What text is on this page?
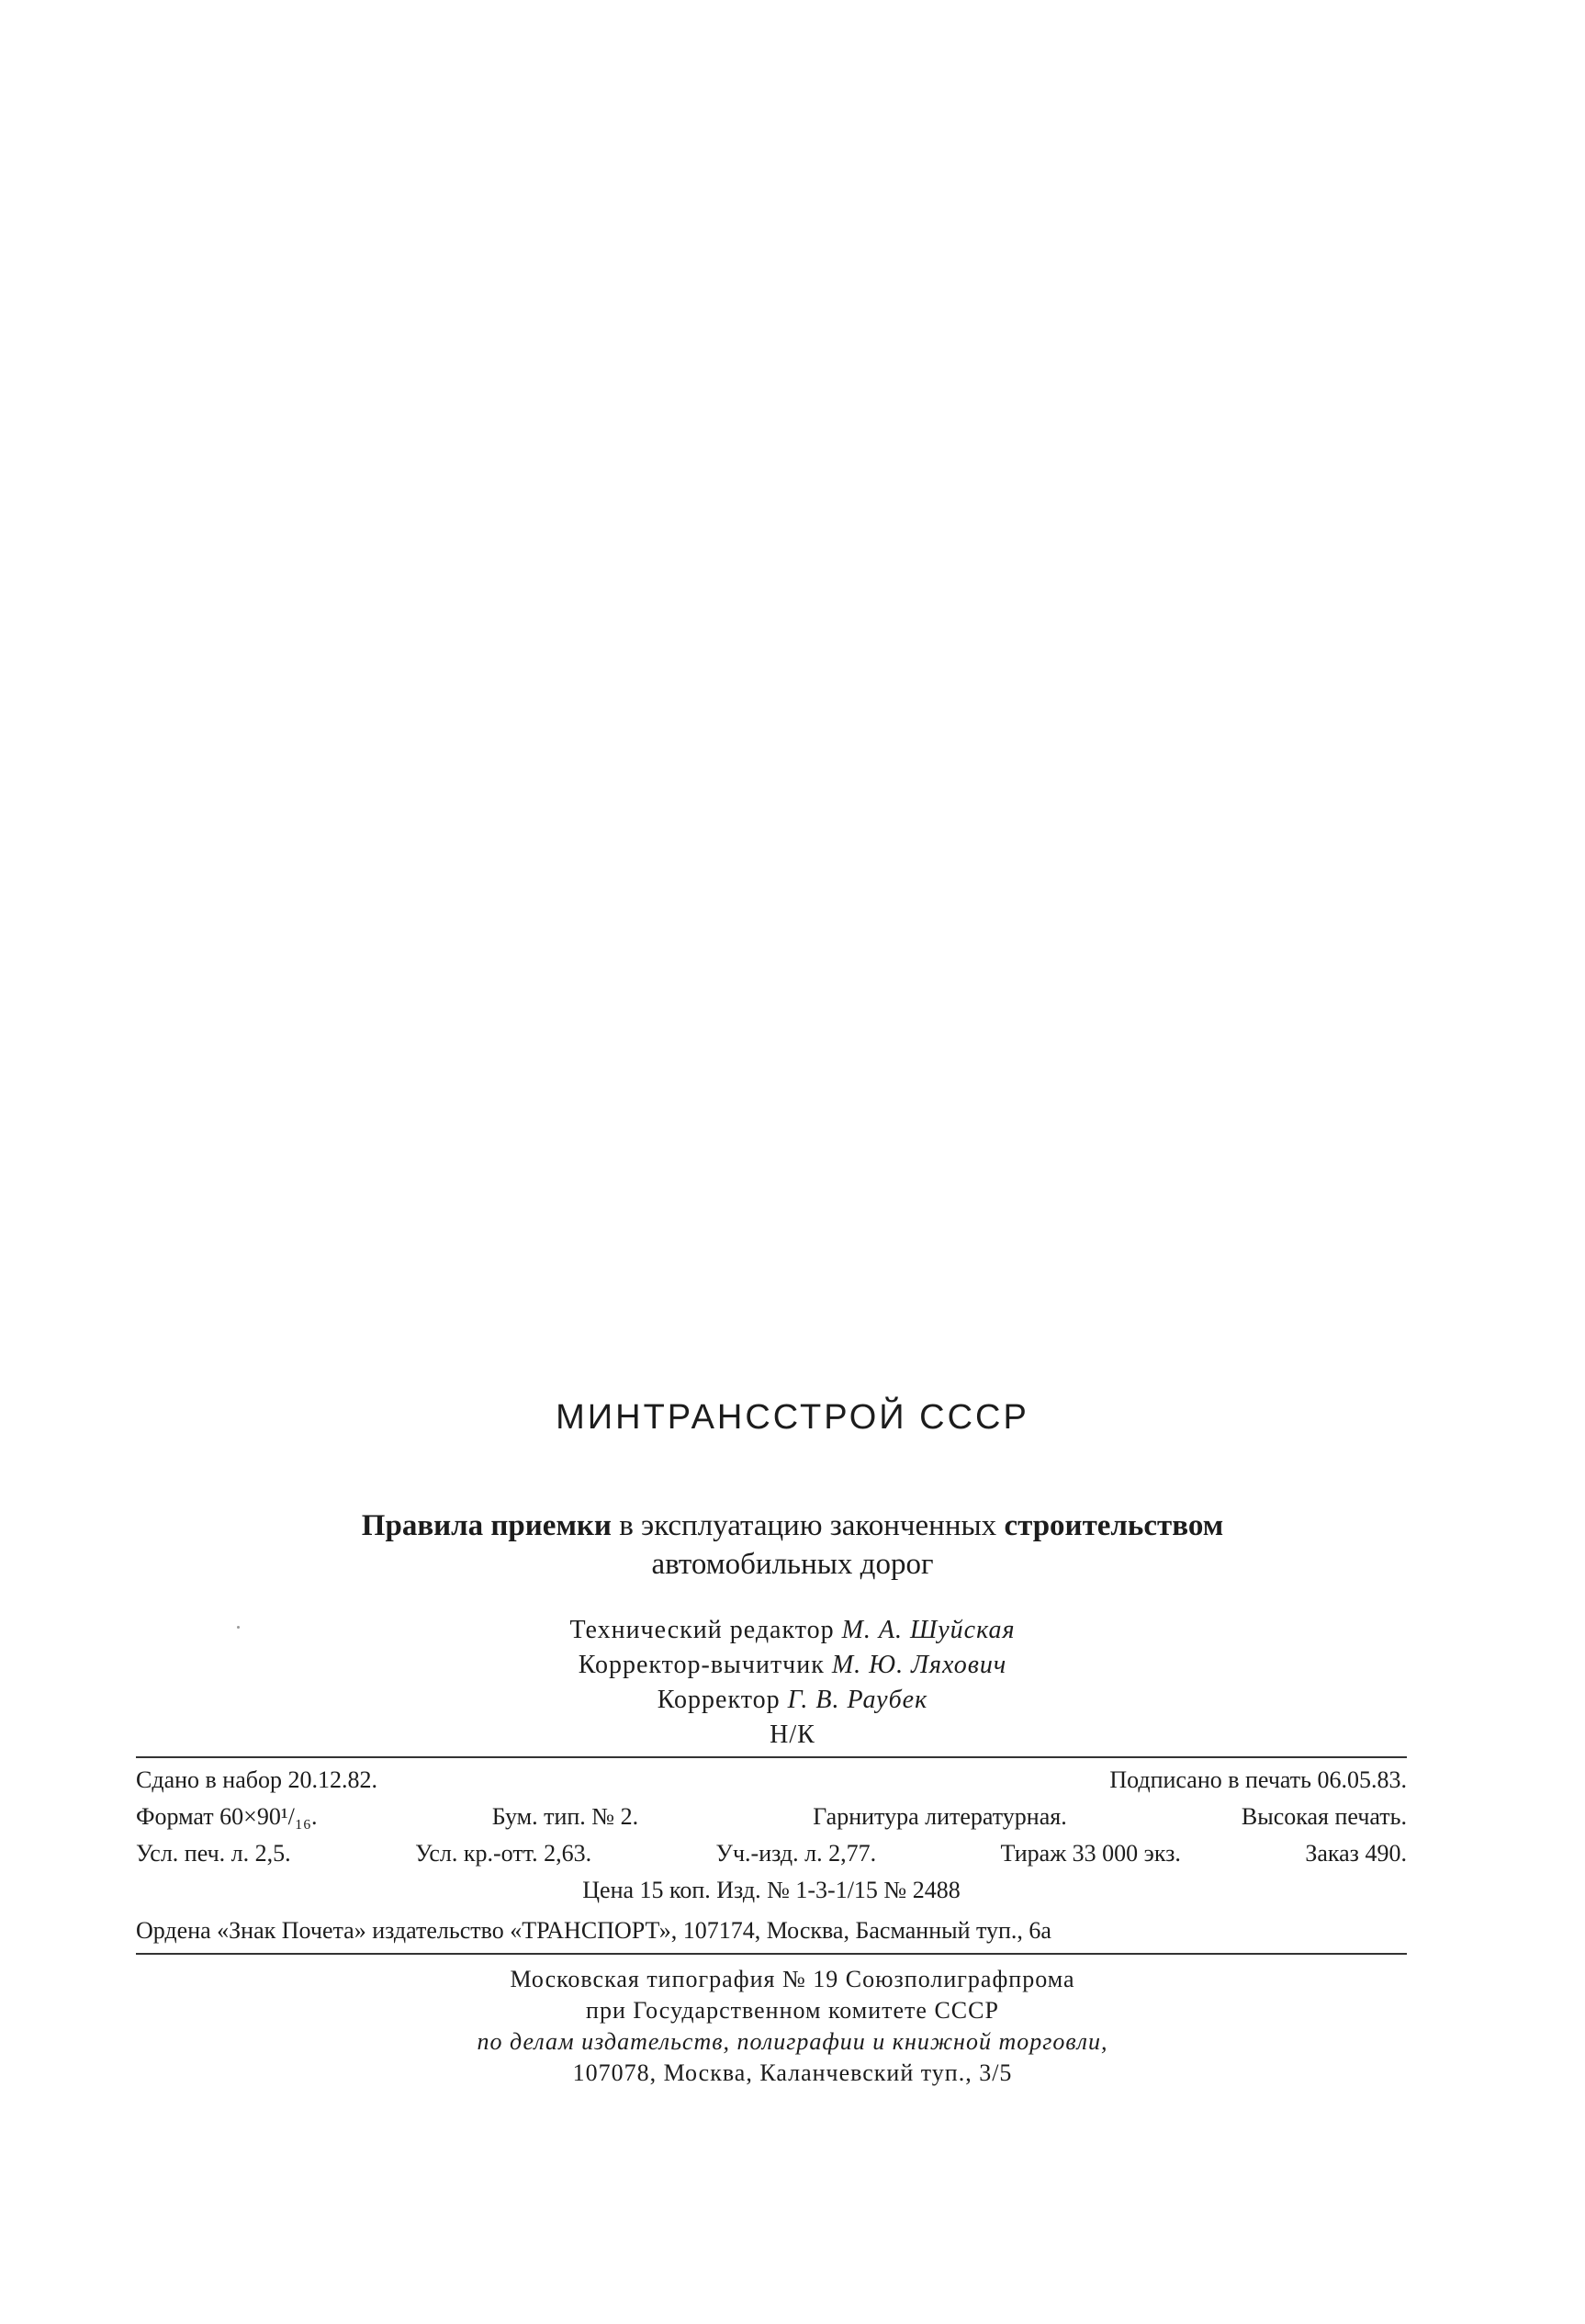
МИНТРАНССТРОЙ СССР
Правила приемки в эксплуатацию законченных строительством
автомобильных дорог
Технический редактор М. А. Шуйская
Корректор-вычитчик М. Ю. Ляхович
Корректор Г. В. Раубек
Н/К
Сдано в набор 20.12.82.	Подписано в печать 06.05.83.
Формат 60×90¹/₁₆.	Бум. тип. № 2.	Гарнитура литературная.	Высокая печать.
Усл. печ. л. 2,5.	Усл. кр.-отт. 2,63.	Уч.-изд. л. 2,77.	Тираж 33 000 экз.	Заказ 490.
Цена 15 коп. Изд. № 1-3-1/15 № 2488
Ордена «Знак Почета» издательство «ТРАНСПОРТ», 107174, Москва, Басманный туп., 6а
Московская типография № 19 Союзполиграфпрома
при Государственном комитете СССР
по делам издательств, полиграфии и книжной торговли,
107078, Москва, Каланчевский туп., 3/5
